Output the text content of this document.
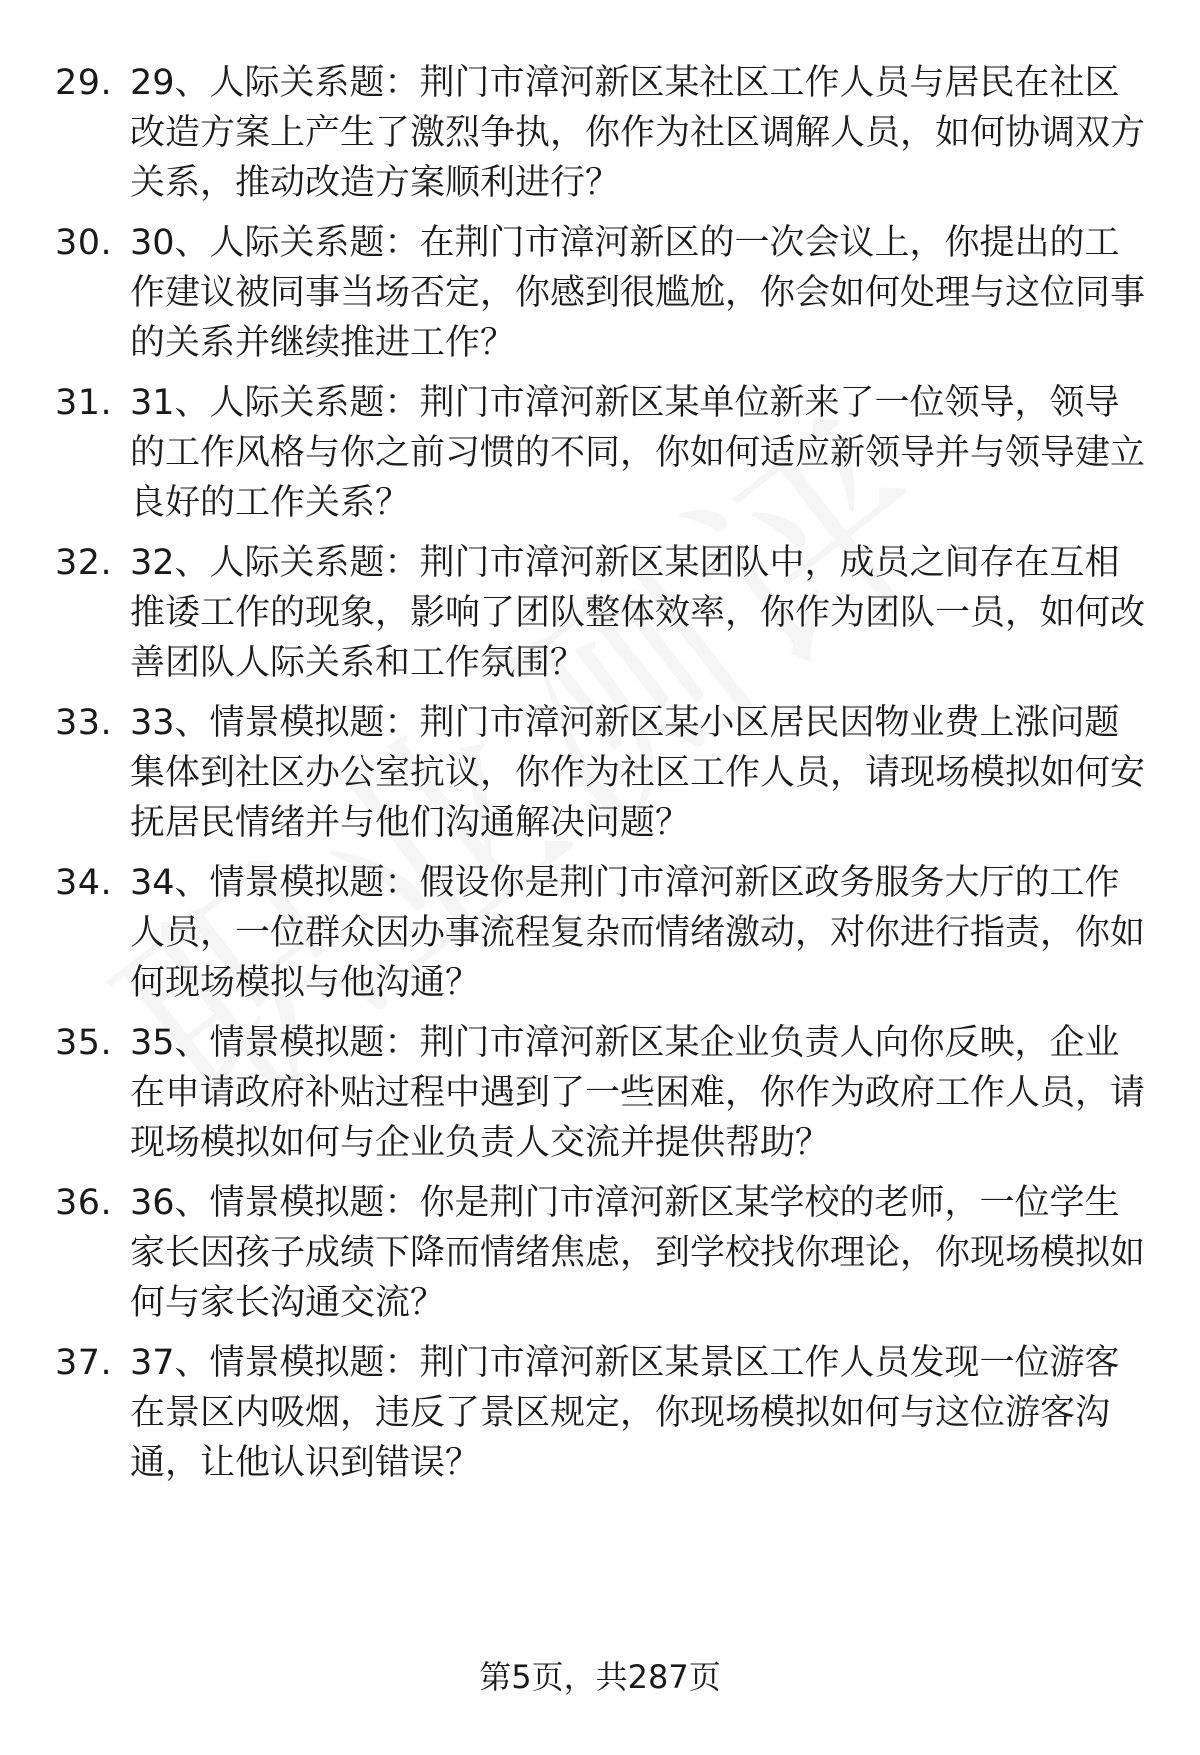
29. 29、人际关系题：荆门市漳河新区某社区工作人员与居民在社区改造方案上产生了激烈争执，你作为社区调解人员，如何协调双方关系，推动改造方案顺利进行？

30. 30、人际关系题：在荆门市漳河新区的一次会议上，你提出的工作建议被同事当场否定，你感到很尴尬，你会如何处理与这位同事的关系并继续推进工作？

31. 31、人际关系题：荆门市漳河新区某单位新来了一位领导，领导的工作风格与你之前习惯的不同，你如何适应新领导并与领导建立良好的工作关系？

32. 32、人际关系题：荆门市漳河新区某团队中，成员之间存在互相推诿工作的现象，影响了团队整体效率，你作为团队一员，如何改善团队人际关系和工作氛围？

33. 33、情景模拟题：荆门市漳河新区某小区居民因物业费上涨问题集体到社区办公室抗议，你作为社区工作人员，请现场模拟如何安抚居民情绪并与他们沟通解决问题？

34. 34、情景模拟题：假设你是荆门市漳河新区政务服务大厅的工作人员，一位群众因办事流程复杂而情绪激动，对你进行指责，你如何现场模拟与他沟通？

35. 35、情景模拟题：荆门市漳河新区某企业负责人向你反映，企业在申请政府补贴过程中遇到了一些困难，你作为政府工作人员，请现场模拟如何与企业负责人交流并提供帮助？

36. 36、情景模拟题：你是荆门市漳河新区某学校的老师，一位学生家长因孩子成绩下降而情绪焦虑，到学校找你理论，你现场模拟如何与家长沟通交流？

37. 37、情景模拟题：荆门市漳河新区某景区工作人员发现一位游客在景区内吸烟，违反了景区规定，你现场模拟如何与这位游客沟通，让他认识到错误？

第5页，共287页
